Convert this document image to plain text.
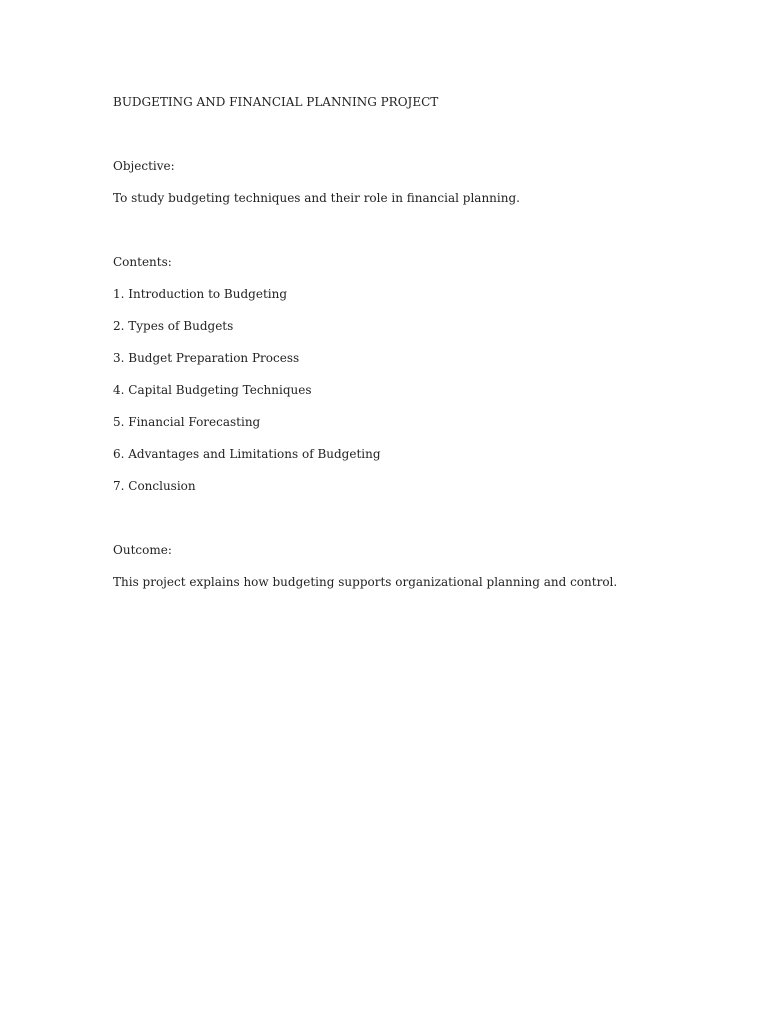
BUDGETING AND FINANCIAL PLANNING PROJECT
Objective:
To study budgeting techniques and their role in financial planning.
Contents:
1. Introduction to Budgeting
2. Types of Budgets
3. Budget Preparation Process
4. Capital Budgeting Techniques
5. Financial Forecasting
6. Advantages and Limitations of Budgeting
7. Conclusion
Outcome:
This project explains how budgeting supports organizational planning and control.
